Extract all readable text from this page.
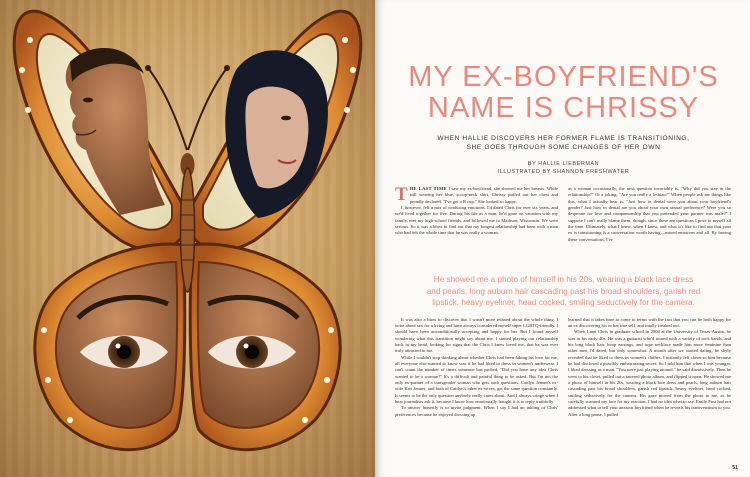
MY EX-BOYFRIEND'S
NAME IS CHRISSY
WHEN HALLIE DISCOVERS HER FORMER FLAME IS TRANSITIONING,
SHE GOES THROUGH SOME CHANGES OF HER OWN
BY HALLIE LIEBERMAN
ILLUSTRATED BY SHANNON FRESHWATER

THE LAST TIME I saw my ex-boyfriend, she showed me her breasts. While still wearing her blue, scoop-neck shirt, Chrissy puffed out her chest and proudly declared, "I've got a B cup." She looked so happy.

I, however, felt a mix of confusing emotions. I'd dated Chris for over six years, and we'd lived together for five. During his life as a man, he'd gone on vacation with my family, met my high-school friends, and followed me to Madison, Wisconsin. We were serious. So it was a blow to find out that my longest relationship had been with a man who had felt the whole time that he was really a woman.

as a woman occasionally, the next question invariably is, "Why did you stay in the relationship?" Or a joking, "Are you really a lesbian?" When people ask me things like this, what I actually hear is, "Just how in denial were you about your boyfriend's gender? Just how in denial are you about your own sexual preference? Were you so desperate for love and companionship that you pretended your partner was male?" I suppose I can't really blame them, though, since these are questions I pose to myself all the time. Ultimately, what I knew, when I knew, and what it's like to find out that your ex is transitioning is a conversation worth having—mixed emotions and all. By having these conversations, I've

He showed me a photo of himself in his 20s, wearing a black lace dress
and pearls, long auburn hair cascading past his broad shoulders, garish red
lipstick, heavy eyeliner, head cocked, smiling seductively for the camera.

It was also a blow to discover that I wasn't more relaxed about the whole thing. I write about sex for a living and have always considered myself super LGBTQ-friendly. I should have been unconditionally accepting and happy for her. But I found myself wondering what this transition might say about me. I started playing our relationship back in my head, looking for signs that the Chris I knew loved me, that he was ever truly attracted to me.

While I couldn't stop thinking about whether Chris had been faking his love for me, all everyone else wanted to know was if he had liked to dress in women's underwear. I can't count the number of times someone has probed, "Did you have any idea Chris wanted to be a woman?" It's a difficult and painful thing to be asked. But I'm not the only ex-partner of a transgender woman who gets such questions. Caitlyn Jenner's ex-wife Kris Jenner, and both of Caitlyn's other ex-wives, get the same question constantly. It seems to be the only question anybody really cares about. And I always cringe when I hear journalists ask it, because I know how emotionally fraught it is to reply truthfully.

To answer honestly is to invite judgment. When I say I had an inkling of Chris' preferences because he enjoyed dressing up

learned that it takes time to come to terms with the fact that you can be both happy for an ex discovering his or her true self, and totally freaked out.

When I met Chris in graduate school in 2004 at the University of Texas-Austin, he was in his early 40s. He was a guitarist who'd toured with a variety of rock bands, and his long black hair, hoop earrings, and rope necklace made him more feminine than other men I'd dated, but only somewhat. A month after we started dating, he shyly revealed that he liked to dress in women's clothes. I instantly felt closer to him because he had disclosed a possibly embarrassing secret. So I told him that when I was younger, I liked dressing as a man. "You were just playing around," he said dismissively. Then he went to his closet, pulled out a tattered photo album, and flipped it open. He showed me a photo of himself in his 20s, wearing a black lace dress and pearls, long auburn hair cascading past his broad shoulders, garish red lipstick, heavy eyeliner, head cocked, smiling seductively for the camera. His gaze moved from the photo to me, as he carefully scanned my face for my reaction. I had no idea what to say. Emily Post had not addressed what to tell your anxious boyfriend when he reveals his transvestitism to you. After a long pause, I pulled

51
